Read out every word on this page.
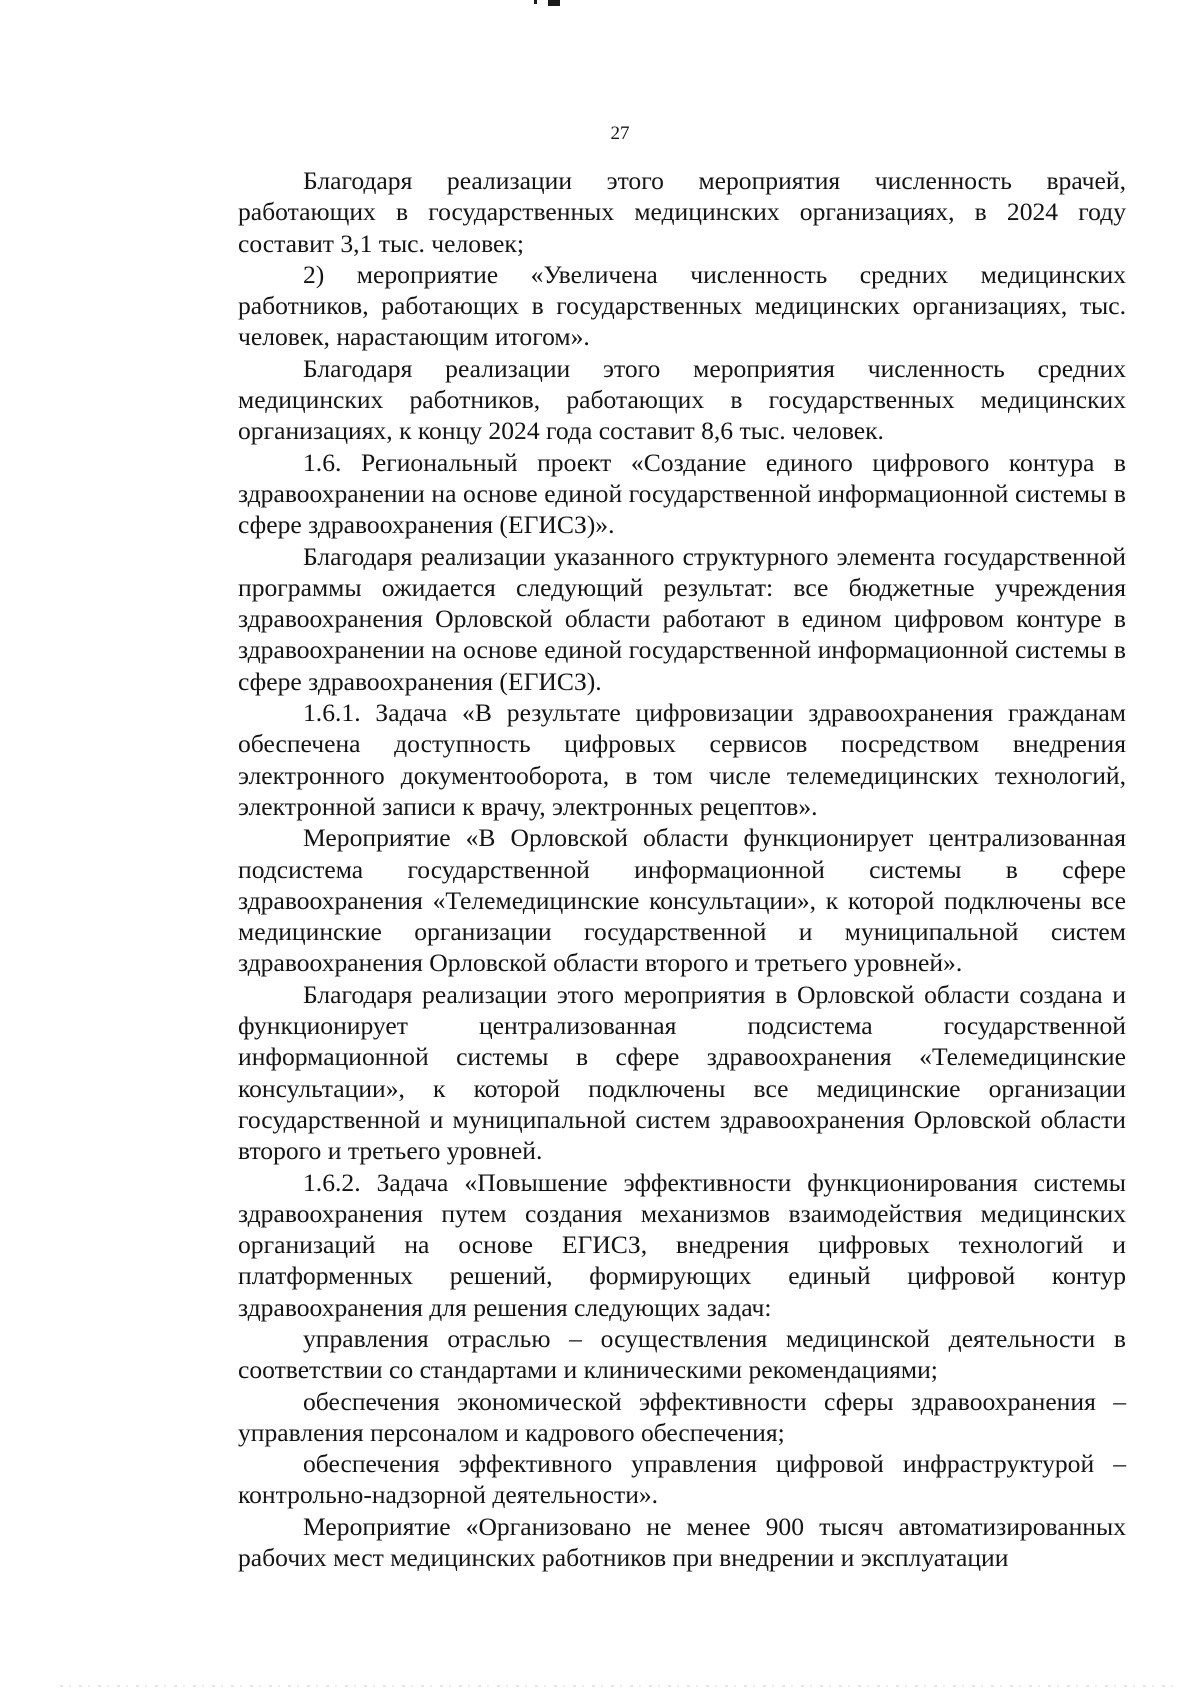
27

Благодаря реализации этого мероприятия численность врачей, работающих в государственных медицинских организациях, в 2024 году составит 3,1 тыс. человек;

2) мероприятие «Увеличена численность средних медицинских работников, работающих в государственных медицинских организациях, тыс. человек, нарастающим итогом».

Благодаря реализации этого мероприятия численность средних медицинских работников, работающих в государственных медицинских организациях, к концу 2024 года составит 8,6 тыс. человек.

1.6. Региональный проект «Создание единого цифрового контура в здравоохранении на основе единой государственной информационной системы в сфере здравоохранения (ЕГИСЗ)».

Благодаря реализации указанного структурного элемента государственной программы ожидается следующий результат: все бюджетные учреждения здравоохранения Орловской области работают в едином цифровом контуре в здравоохранении на основе единой государственной информационной системы в сфере здравоохранения (ЕГИСЗ).

1.6.1. Задача «В результате цифровизации здравоохранения гражданам обеспечена доступность цифровых сервисов посредством внедрения электронного документооборота, в том числе телемедицинских технологий, электронной записи к врачу, электронных рецептов».

Мероприятие «В Орловской области функционирует централизованная подсистема государственной информационной системы в сфере здравоохранения «Телемедицинские консультации», к которой подключены все медицинские организации государственной и муниципальной систем здравоохранения Орловской области второго и третьего уровней».

Благодаря реализации этого мероприятия в Орловской области создана и функционирует централизованная подсистема государственной информационной системы в сфере здравоохранения «Телемедицинские консультации», к которой подключены все медицинские организации государственной и муниципальной систем здравоохранения Орловской области второго и третьего уровней.

1.6.2. Задача «Повышение эффективности функционирования системы здравоохранения путем создания механизмов взаимодействия медицинских организаций на основе ЕГИСЗ, внедрения цифровых технологий и платформенных решений, формирующих единый цифровой контур здравоохранения для решения следующих задач:

управления отраслью – осуществления медицинской деятельности в соответствии со стандартами и клиническими рекомендациями;

обеспечения экономической эффективности сферы здравоохранения – управления персоналом и кадрового обеспечения;

обеспечения эффективного управления цифровой инфраструктурой – контрольно-надзорной деятельности».

Мероприятие «Организовано не менее 900 тысяч автоматизированных рабочих мест медицинских работников при внедрении и эксплуатации
